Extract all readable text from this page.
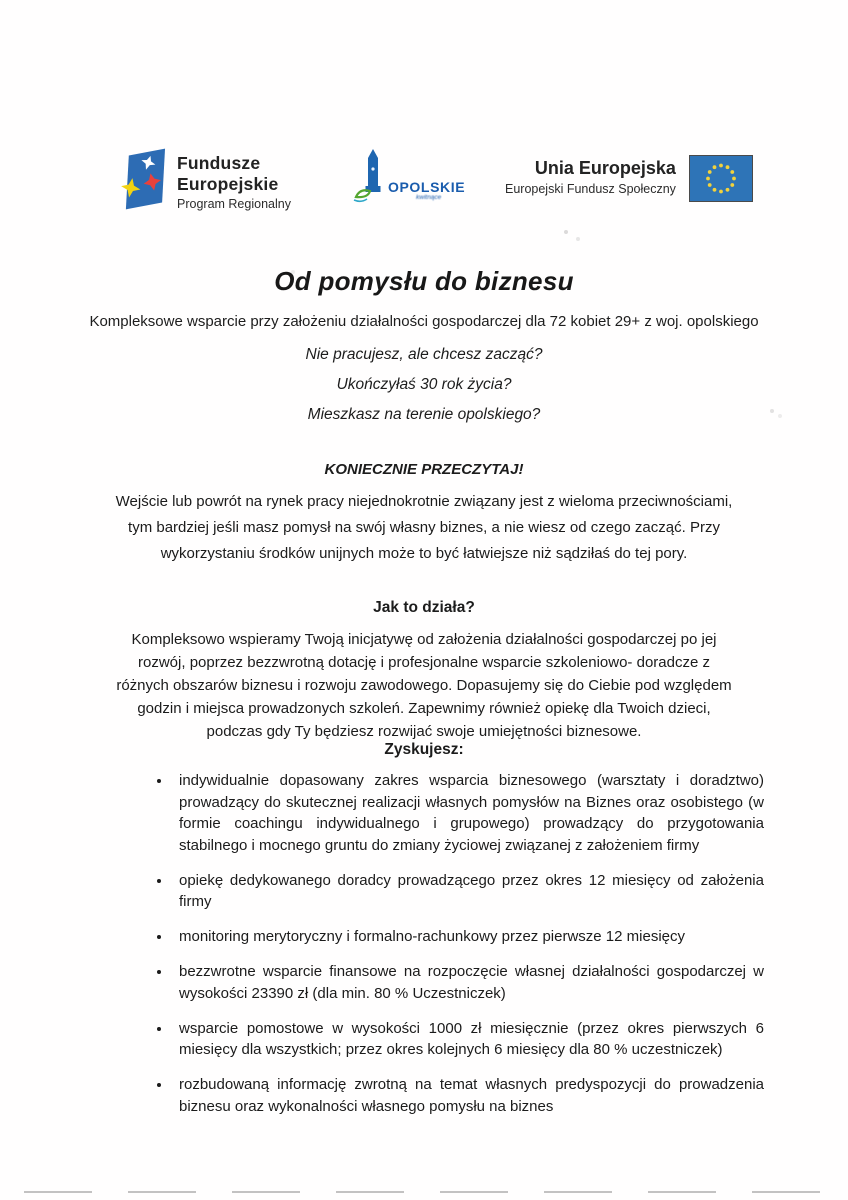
Fundusze
Europejskie
Program Regionalny
OPOLSKIE
kwitnące
Unia Europejska
Europejski Fundusz Społeczny
Od pomysłu do biznesu
Kompleksowe wsparcie przy założeniu działalności gospodarczej dla 72 kobiet 29+ z woj. opolskiego
Nie pracujesz, ale chcesz zacząć?
Ukończyłaś 30 rok życia?
Mieszkasz na terenie opolskiego?
KONIECZNIE PRZECZYTAJ!
Wejście lub powrót na rynek pracy niejednokrotnie związany jest z wieloma przeciwnościami, tym bardziej jeśli masz pomysł na swój własny biznes, a nie wiesz od czego zacząć. Przy wykorzystaniu środków unijnych może to być łatwiejsze niż sądziłaś do tej pory.
Jak to działa?
Kompleksowo wspieramy Twoją inicjatywę od założenia działalności gospodarczej po jej rozwój, poprzez bezzwrotną dotację i profesjonalne wsparcie szkoleniowo- doradcze z różnych obszarów biznesu i rozwoju zawodowego. Dopasujemy się do Ciebie pod względem godzin i miejsca prowadzonych szkoleń. Zapewnimy również opiekę dla Twoich dzieci, podczas gdy Ty będziesz rozwijać swoje umiejętności biznesowe.
Zyskujesz:
• indywidualnie dopasowany zakres wsparcia biznesowego (warsztaty i doradztwo) prowadzący do skutecznej realizacji własnych pomysłów na Biznes oraz osobistego (w formie coachingu indywidualnego i grupowego) prowadzący do przygotowania stabilnego i mocnego gruntu do zmiany życiowej związanej z założeniem firmy
• opiekę dedykowanego doradcy prowadzącego przez okres 12 miesięcy od założenia firmy
• monitoring merytoryczny i formalno-rachunkowy przez pierwsze 12 miesięcy
• bezzwrotne wsparcie finansowe na rozpoczęcie własnej działalności gospodarczej w wysokości 23390 zł (dla min. 80 % Uczestniczek)
• wsparcie pomostowe w wysokości 1000 zł miesięcznie (przez okres pierwszych 6 miesięcy dla wszystkich; przez okres kolejnych 6 miesięcy dla 80 % uczestniczek)
• rozbudowaną informację zwrotną na temat własnych predyspozycji do prowadzenia biznesu oraz wykonalności własnego pomysłu na biznes
